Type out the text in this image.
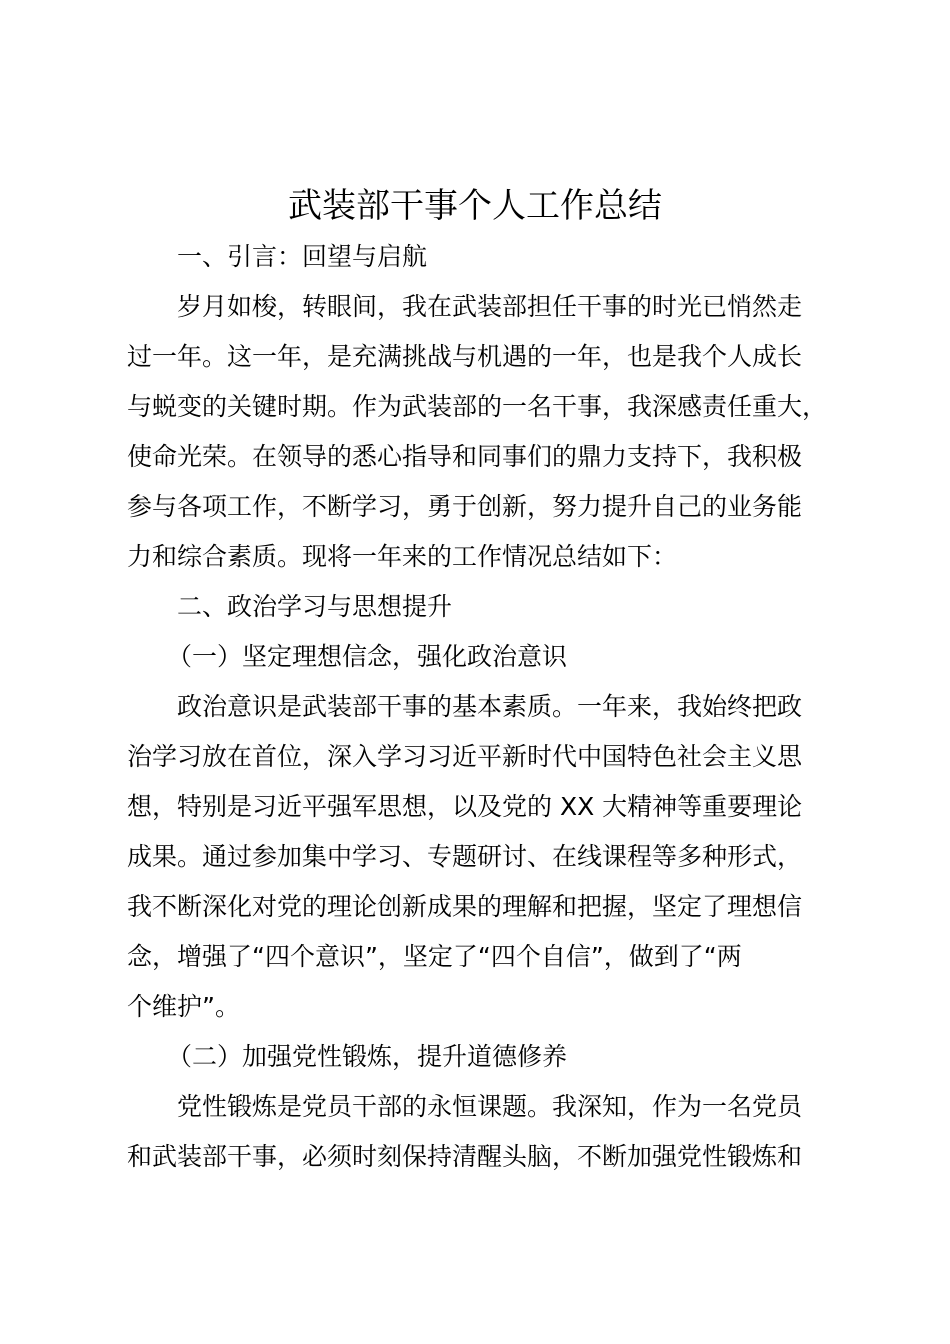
武装部干事个人工作总结
一、引言：回望与启航
岁月如梭，转眼间，我在武装部担任干事的时光已悄然走
过一年。这一年，是充满挑战与机遇的一年，也是我个人成长
与蜕变的关键时期。作为武装部的一名干事，我深感责任重大，
使命光荣。在领导的悉心指导和同事们的鼎力支持下，我积极
参与各项工作，不断学习，勇于创新，努力提升自己的业务能
力和综合素质。现将一年来的工作情况总结如下：
二、政治学习与思想提升
（一）坚定理想信念，强化政治意识
政治意识是武装部干事的基本素质。一年来，我始终把政
治学习放在首位，深入学习习近平新时代中国特色社会主义思
想，特别是习近平强军思想，以及党的 XX 大精神等重要理论
成果。通过参加集中学习、专题研讨、在线课程等多种形式，
我不断深化对党的理论创新成果的理解和把握，坚定了理想信
念，增强了“四个意识”，坚定了“四个自信”，做到了“两
个维护”。
（二）加强党性锻炼，提升道德修养
党性锻炼是党员干部的永恒课题。我深知，作为一名党员
和武装部干事，必须时刻保持清醒头脑，不断加强党性锻炼和
